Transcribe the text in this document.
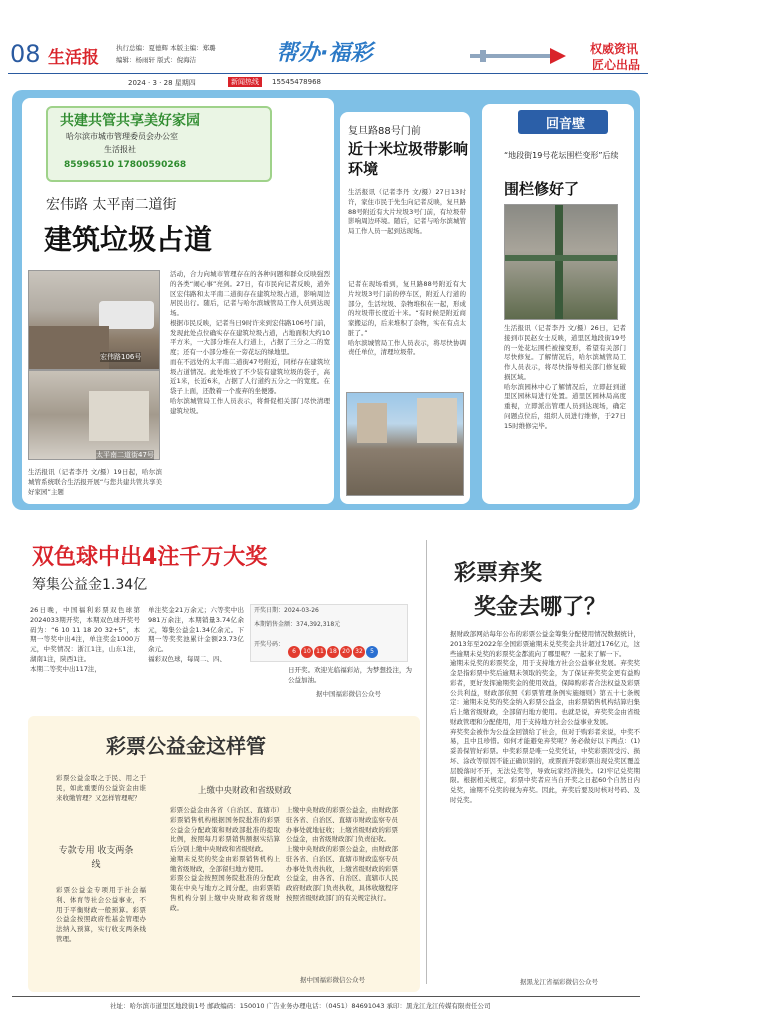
08 生活报	执行总编：夏德辉 本版主编：郑璐
编辑：杨雨轩 版式：倪海洁	帮办·福彩	权威资讯
匠心出品
2024 · 3 · 28 星期四	新闻热线	15545478968
共建共管共享美好家园
哈尔滨市城市管理委员会办公室
生活报社
85996510 17800590268
宏伟路 太平南二道街
建筑垃圾占道
宏伟路106号
太平南二道街47号
生活报讯（记者李丹 文/摄）19日起，哈尔滨城管系统联合生活报开展“与您共建共管共享美好家园”主题
活动，合力向城市管理存在的各种问题和群众反映强烈的各类“闹心事”亮剑。27日，有市民向记者反映，道外区宏伟路和太平南二道街存在建筑垃圾占道，影响周边居民出行。随后，记者与哈尔滨城管局工作人员到达现场。
根据市民反映，记者当日9时许来到宏伟路106号门前，发现此处点位确实存在建筑垃圾占道，占地面积大约10平方米，一大部分堆在人行道上，占据了三分之二的宽度；还有一小部分堆在一旁花坛的绿地里。
而在不远处的太平南二道街47号附近，同样存在建筑垃圾占道情况。此处堆放了不少装有建筑垃圾的袋子，高近1米，长近6米，占据了人行道约五分之一的宽度。在袋子上面，还散着一个废弃的坐便器。
哈尔滨城管局工作人员表示，将督促相关部门尽快清理建筑垃圾。
复旦路88号门前
近十米垃圾带影响环境
生活报讯（记者李丹 文/摄）27日13时许，家住市民于先生向记者反映，复旦路88号附近有大片垃圾3号门前，有垃圾带影响周边环境。随后，记者与哈尔滨城管局工作人员一起到达现场。
记者在现场看到，复旦路88号附近有大片垃圾3号门前的停车区，附近人行道的部分，生活垃圾、杂物堆积在一起，形成的垃圾带长度近十米。“有时候是附近商家搬运的，后来堆积了杂物，实在有点太脏了。”
哈尔滨城管局工作人员表示，将尽快协调责任单位，清理垃圾带。
回音壁
“地段街19号花坛围栏变形”后续
围栏修好了
生活报讯（记者李丹 文/摄）26日，记者接到市民赵女士反映，道里区地段街19号的一处花坛围栏被撞变形，希望有关部门尽快修复。了解情况后，哈尔滨城管局工作人员表示，将尽快指导相关部门修复破损区域。
哈尔滨园林中心了解情况后，立即赶到道里区园林局进行处置。道里区园林局高度重视，立即派出管理人员到达现场，确定问题点位后，组织人员进行维修，于27日15时维修完毕。
双色球中出4注千万大奖
筹集公益金1.34亿
26日晚，中国福利彩票双色球第2024033期开奖，本期双色球开奖号码为：“6 10 11 18 20 32+5”，本期一等奖中出4注，单注奖金1000万元，中奖情况：浙江1注，山东1注，湖南1注，陕西1注。
本期二等奖中出117注，
单注奖金21万余元；六等奖中出981万余注，本期销量3.74亿余元，筹集公益金1.34亿余元。下期一等奖奖池累计金额23.73亿余元。
福彩双色球，每周二、四、
开奖日期：2024-03-26
本期销售金额：374,392,318元
开奖号码：
6 10 11 18 20 32 5
日开奖。欢迎光临福彩站，为梦想投注，为公益加油。
据中国福彩微信公众号
彩票公益金这样管
彩票公益金取之于民、用之于民，如此重要的公益资金由谁来收缴管理？又怎样管理呢？
专款专用 收支两条线
彩票公益金专项用于社会福利、体育等社会公益事业，不用于平衡财政一般预算。彩票公益金按照政府性基金管理办法纳入预算，实行收支两条线管理。
上缴中央财政和省级财政
彩票公益金由各省（自治区、直辖市）彩票销售机构根据国务院批准的彩票公益金分配政策和财政部批准的提取比例，按照每月彩票销售额据实结算后分别上缴中央财政和省级财政。
逾期未兑奖的奖金由彩票销售机构上缴省级财政，全部留归地方使用。
彩票公益金按照国务院批准的分配政策在中央与地方之间分配，由彩票销售机构分别上缴中央财政和省级财政。
上缴中央财政的彩票公益金，由财政部驻各省、自治区、直辖市财政监察专员办事处就地征收；上缴省级财政的彩票公益金，由省级财政部门负责征收。
上缴中央财政的彩票公益金，由财政部驻各省、自治区、直辖市财政监察专员办事处负责执收，上缴省级财政的彩票公益金，由各省、自治区、直辖市人民政府财政部门负责执收，具体收缴程序按照省级财政部门的有关规定执行。
据中国福彩微信公众号
彩票弃奖
奖金去哪了？
据财政部网站每年公布的彩票公益金筹集分配使用情况数据统计，2013年至2022年全国彩票逾期未兑奖奖金共计超过176亿元，这些逾期未兑奖的彩票奖金都流向了哪里呢？一起来了解一下。
逾期未兑奖的彩票奖金，用于支持地方社会公益事业发展。弃奖奖金是指彩票中奖后逾期未领取的奖金，为了保证弃奖奖金更有益购彩者，更好发挥逾期奖金的使用效益，保障购彩者合法权益及彩票公共利益，财政部依照《彩票管理条例实施细则》第五十七条规定：逾期未兑奖的奖金纳入彩票公益金，由彩票销售机构结算归集后上缴省级财政，全部留归地方使用。也就是说，弃奖奖金由省级财政管理和分配使用，用于支持地方社会公益事业发展。
弃奖奖金被作为公益金回馈给了社会，但对于购彩者来说，中奖不易，且中且珍惜。如何才能避免弃奖呢？务必做好以下两点：(1)妥善保管好彩票。中奖彩票是唯一兑奖凭证，中奖彩票因受污、损坏、涂改等原因不能正确识别的，或票面开裂彩票出现兑奖区覆盖层脱落时不开，无法兑奖等，导致玩家经济损失。(2)牢记兑奖期限。根据相关规定，彩票中奖者应当自开奖之日起60个自然日内兑奖，逾期不兑奖的视为弃奖。因此，弃奖后要及时核对号码、及时兑奖。
据黑龙江省福彩微信公众号
社址：哈尔滨市道里区地段街1号 邮政编码：150010 广告业务办理电话：（0451）84691043 承印：黑龙江龙江传媒有限责任公司
